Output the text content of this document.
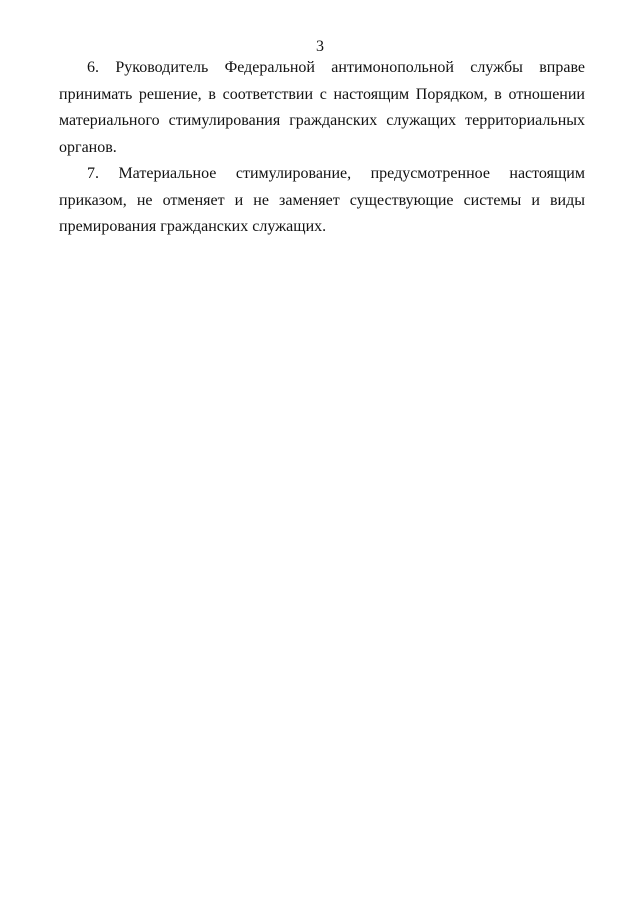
3

6. Руководитель Федеральной антимонопольной службы вправе принимать решение, в соответствии с настоящим Порядком, в отношении материального стимулирования гражданских служащих территориальных органов.

7. Материальное стимулирование, предусмотренное настоящим приказом, не отменяет и не заменяет существующие системы и виды премирования гражданских служащих.
